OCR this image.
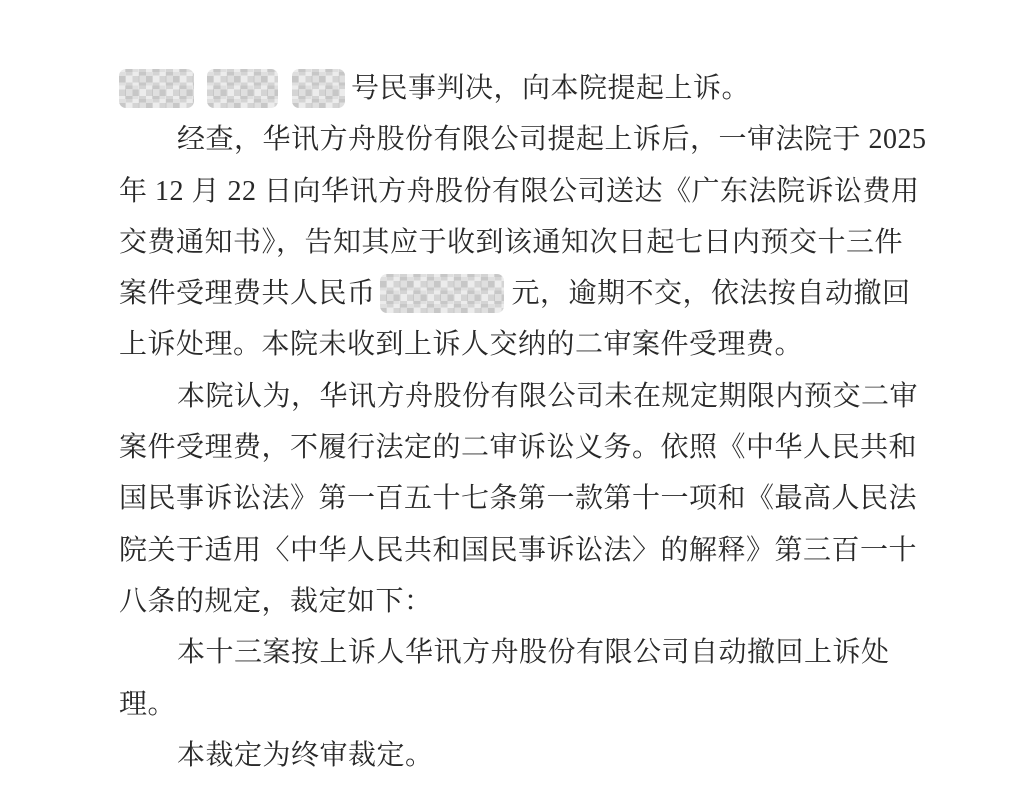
号民事判决，向本院提起上诉。
经查，华讯方舟股份有限公司提起上诉后，一审法院于 2025
年 12 月 22 日向华讯方舟股份有限公司送达《广东法院诉讼费用
交费通知书》，告知其应于收到该通知次日起七日内预交十三件
案件受理费共人民币	元，逾期不交，依法按自动撤回
上诉处理。本院未收到上诉人交纳的二审案件受理费。
本院认为，华讯方舟股份有限公司未在规定期限内预交二审
案件受理费，不履行法定的二审诉讼义务。依照《中华人民共和
国民事诉讼法》第一百五十七条第一款第十一项和《最高人民法
院关于适用〈中华人民共和国民事诉讼法〉的解释》第三百一十
八条的规定，裁定如下：
本十三案按上诉人华讯方舟股份有限公司自动撤回上诉处
理。
本裁定为终审裁定。
